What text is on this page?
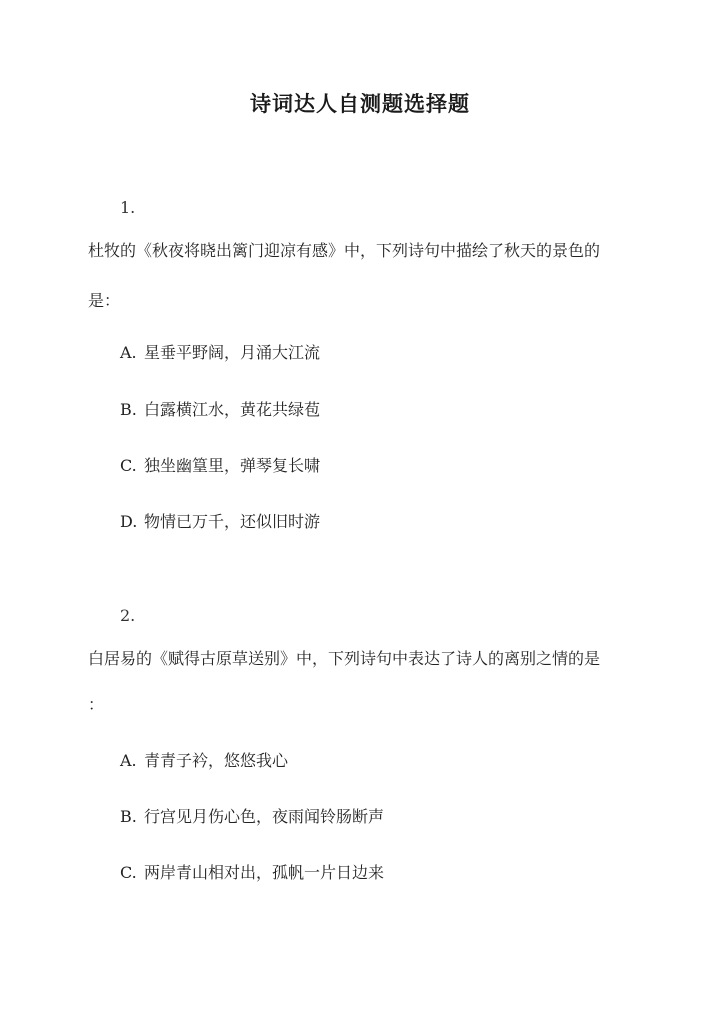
诗词达人自测题选择题
1.
杜牧的《秋夜将晓出篱门迎凉有感》中，下列诗句中描绘了秋天的景色的
是：
A. 星垂平野阔，月涌大江流
B. 白露横江水，黄花共绿苞
C. 独坐幽篁里，弹琴复长啸
D. 物情已万千，还似旧时游
2.
白居易的《赋得古原草送别》中，下列诗句中表达了诗人的离别之情的是
：
A. 青青子衿，悠悠我心
B. 行宫见月伤心色，夜雨闻铃肠断声
C. 两岸青山相对出，孤帆一片日边来
